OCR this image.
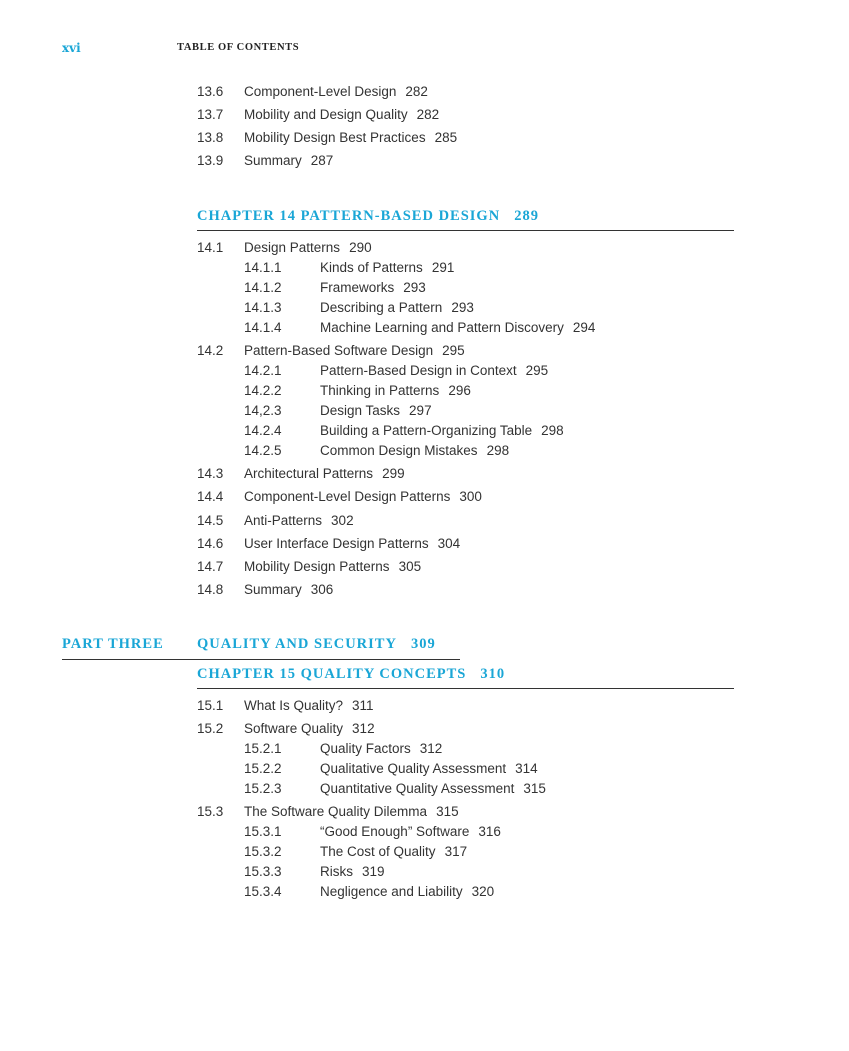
xvi	TABLE OF CONTENTS
13.6 Component-Level Design 282
13.7 Mobility and Design Quality 282
13.8 Mobility Design Best Practices 285
13.9 Summary 287
CHAPTER 14 PATTERN-BASED DESIGN 289
14.1 Design Patterns 290
14.1.1	Kinds of Patterns 291
14.1.2	Frameworks 293
14.1.3	Describing a Pattern 293
14.1.4	Machine Learning and Pattern Discovery 294
14.2 Pattern-Based Software Design 295
14.2.1	Pattern-Based Design in Context 295
14.2.2	Thinking in Patterns 296
14,2.3	Design Tasks 297
14.2.4	Building a Pattern-Organizing Table 298
14.2.5	Common Design Mistakes 298
14.3 Architectural Patterns 299
14.4 Component-Level Design Patterns 300
14.5 Anti-Patterns 302
14.6 User Interface Design Patterns 304
14.7 Mobility Design Patterns 305
14.8 Summary 306
PART THREE QUALITY AND SECURITY 309
CHAPTER 15 QUALITY CONCEPTS 310
15.1 What Is Quality? 311
15.2 Software Quality 312
15.2.1	Quality Factors 312
15.2.2	Qualitative Quality Assessment 314
15.2.3	Quantitative Quality Assessment 315
15.3 The Software Quality Dilemma 315
15.3.1	“Good Enough” Software 316
15.3.2	The Cost of Quality 317
15.3.3	Risks 319
15.3.4	Negligence and Liability 320
